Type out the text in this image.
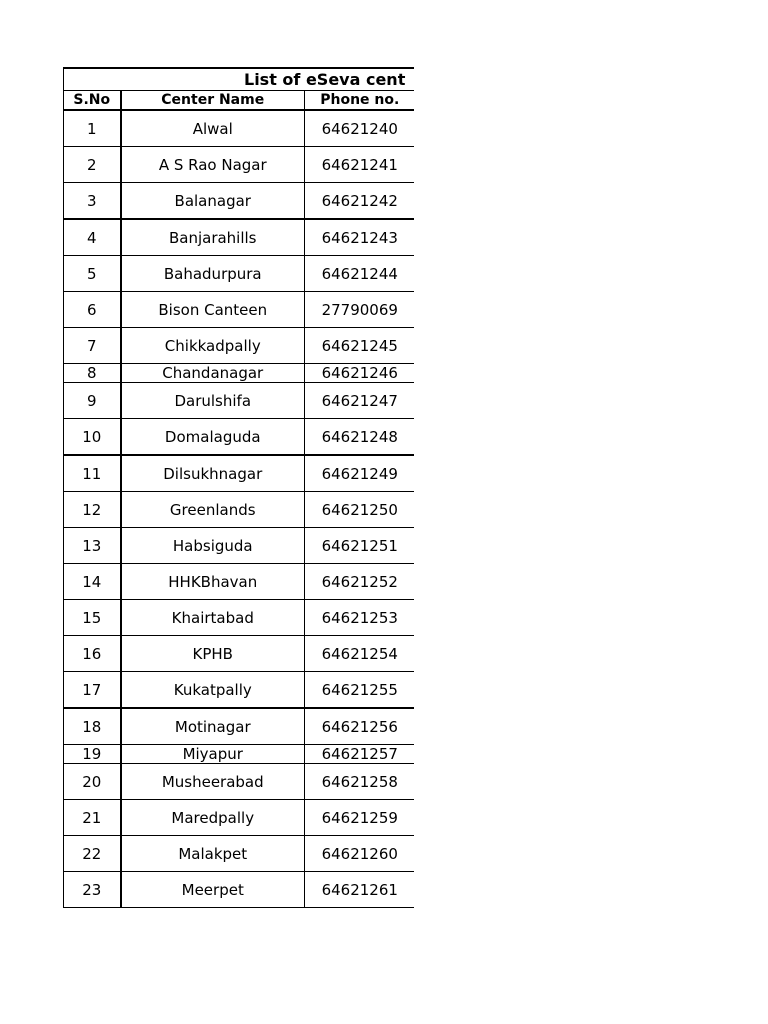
List of eSeva cent		
S.No	Center Name	Phone no.
1	Alwal	64621240
2	A S Rao Nagar	64621241
3	Balanagar	64621242
4	Banjarahills	64621243
5	Bahadurpura	64621244
6	Bison Canteen	27790069
7	Chikkadpally	64621245
8	Chandanagar	64621246
9	Darulshifa	64621247
10	Domalaguda	64621248
11	Dilsukhnagar	64621249
12	Greenlands	64621250
13	Habsiguda	64621251
14	HHKBhavan	64621252
15	Khairtabad	64621253
16	KPHB	64621254
17	Kukatpally	64621255
18	Motinagar	64621256
19	Miyapur	64621257
20	Musheerabad	64621258
21	Maredpally	64621259
22	Malakpet	64621260
23	Meerpet	64621261
